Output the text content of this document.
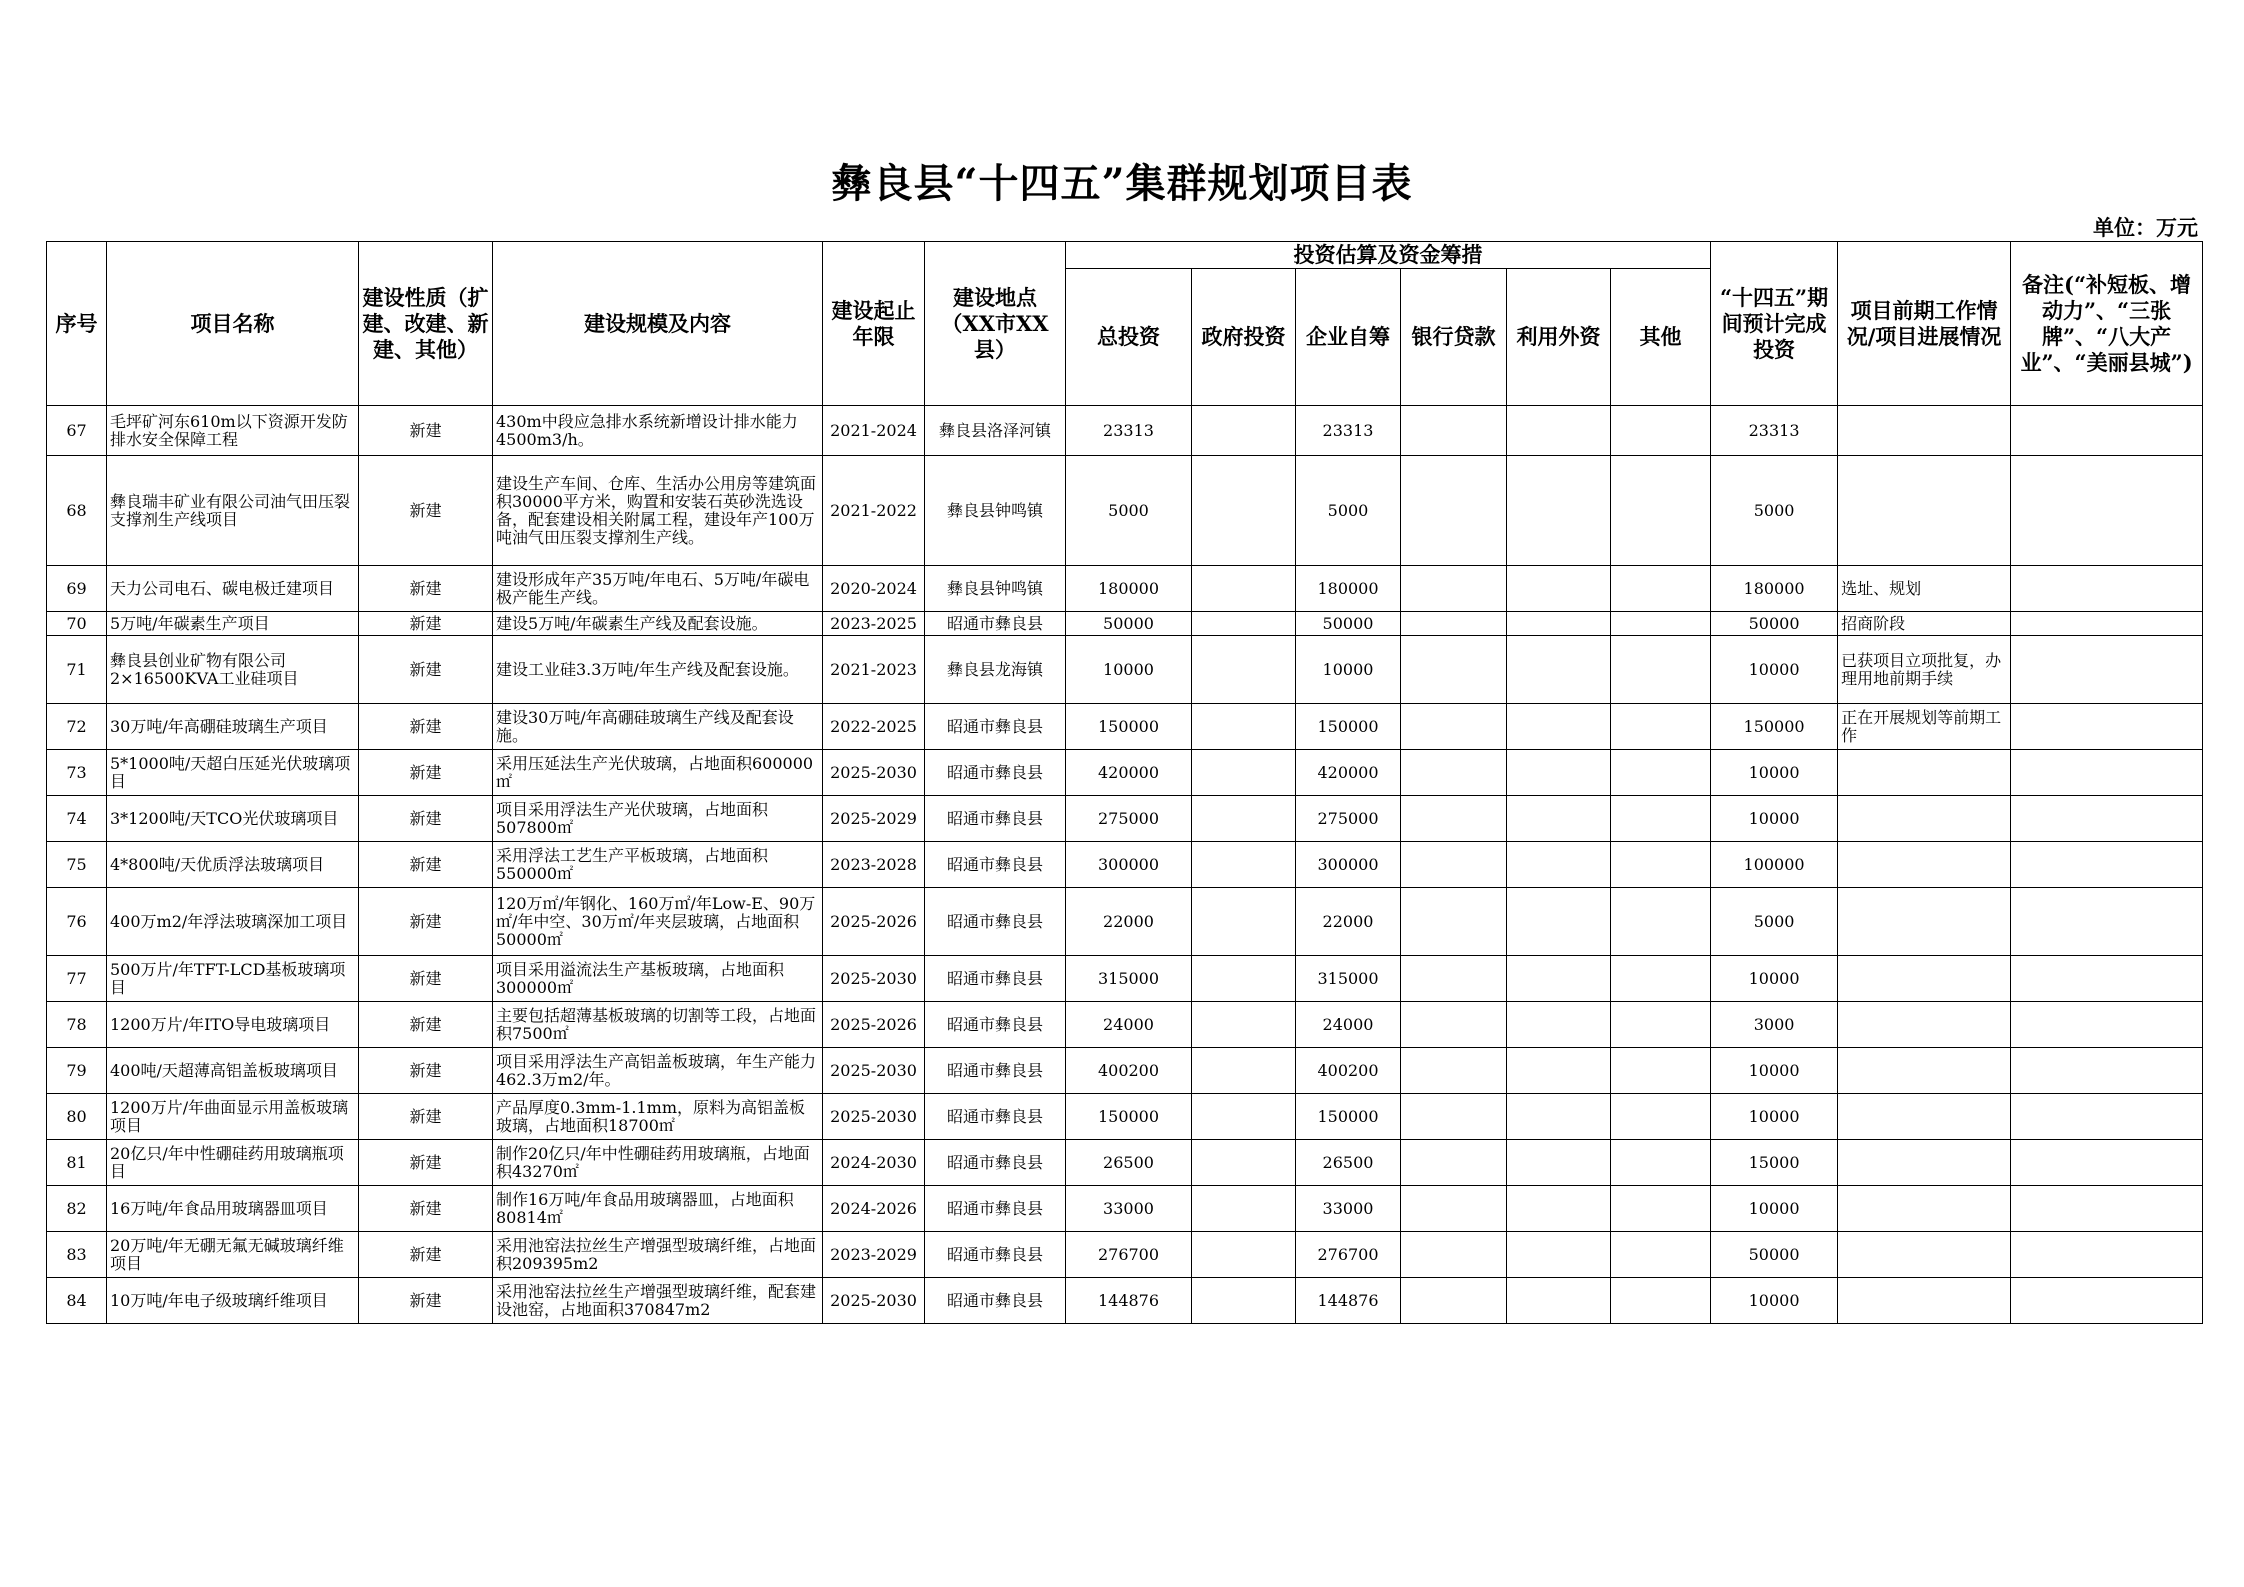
彝良县“十四五”集群规划项目表
单位：万元
序号	项目名称	建设性质（扩建、改建、新建、其他）	建设规模及内容	建设起止年限	建设地点（XX市XX县）	投资估算及资金筹措						“十四五”期间预计完成投资	项目前期工作情况/项目进展情况	备注(“补短板、增动力”、“三张牌”、“八大产业”、“美丽县城”)
						总投资	政府投资	企业自筹	银行贷款	利用外资	其他			
67	毛坪矿河东610m以下资源开发防排水安全保障工程	新建	430m中段应急排水系统新增设计排水能力4500m3/h。	2021-2024	彝良县洛泽河镇	23313		23313				23313		
68	彝良瑞丰矿业有限公司油气田压裂支撑剂生产线项目	新建	建设生产车间、仓库、生活办公用房等建筑面积30000平方米，购置和安装石英砂洗选设备，配套建设相关附属工程，建设年产100万吨油气田压裂支撑剂生产线。	2021-2022	彝良县钟鸣镇	5000		5000				5000		
69	天力公司电石、碳电极迁建项目	新建	建设形成年产35万吨/年电石、5万吨/年碳电极产能生产线。	2020-2024	彝良县钟鸣镇	180000		180000				180000	选址、规划	
70	5万吨/年碳素生产项目	新建	建设5万吨/年碳素生产线及配套设施。	2023-2025	昭通市彝良县	50000		50000				50000	招商阶段	
71	彝良县创业矿物有限公司2×16500KVA工业硅项目	新建	建设工业硅3.3万吨/年生产线及配套设施。	2021-2023	彝良县龙海镇	10000		10000				10000	已获项目立项批复，办理用地前期手续	
72	30万吨/年高硼硅玻璃生产项目	新建	建设30万吨/年高硼硅玻璃生产线及配套设施。	2022-2025	昭通市彝良县	150000		150000				150000	正在开展规划等前期工作	
73	5*1000吨/天超白压延光伏玻璃项目	新建	采用压延法生产光伏玻璃，占地面积600000㎡	2025-2030	昭通市彝良县	420000		420000				10000		
74	3*1200吨/天TCO光伏玻璃项目	新建	项目采用浮法生产光伏玻璃，占地面积507800㎡	2025-2029	昭通市彝良县	275000		275000				10000		
75	4*800吨/天优质浮法玻璃项目	新建	采用浮法工艺生产平板玻璃，占地面积550000㎡	2023-2028	昭通市彝良县	300000		300000				100000		
76	400万m2/年浮法玻璃深加工项目	新建	120万㎡/年钢化、160万㎡/年Low-E、90万㎡/年中空、30万㎡/年夹层玻璃，占地面积50000㎡	2025-2026	昭通市彝良县	22000		22000				5000		
77	500万片/年TFT-LCD基板玻璃项目	新建	项目采用溢流法生产基板玻璃，占地面积300000㎡	2025-2030	昭通市彝良县	315000		315000				10000		
78	1200万片/年ITO导电玻璃项目	新建	主要包括超薄基板玻璃的切割等工段，占地面积7500㎡	2025-2026	昭通市彝良县	24000		24000				3000		
79	400吨/天超薄高铝盖板玻璃项目	新建	项目采用浮法生产高铝盖板玻璃，年生产能力462.3万m2/年。	2025-2030	昭通市彝良县	400200		400200				10000		
80	1200万片/年曲面显示用盖板玻璃项目	新建	产品厚度0.3mm-1.1mm，原料为高铝盖板玻璃，占地面积18700㎡	2025-2030	昭通市彝良县	150000		150000				10000		
81	20亿只/年中性硼硅药用玻璃瓶项目	新建	制作20亿只/年中性硼硅药用玻璃瓶，占地面积43270㎡	2024-2030	昭通市彝良县	26500		26500				15000		
82	16万吨/年食品用玻璃器皿项目	新建	制作16万吨/年食品用玻璃器皿，占地面积80814㎡	2024-2026	昭通市彝良县	33000		33000				10000		
83	20万吨/年无硼无氟无碱玻璃纤维项目	新建	采用池窑法拉丝生产增强型玻璃纤维，占地面积209395m2	2023-2029	昭通市彝良县	276700		276700				50000		
84	10万吨/年电子级玻璃纤维项目	新建	采用池窑法拉丝生产增强型玻璃纤维，配套建设池窑，占地面积370847m2	2025-2030	昭通市彝良县	144876		144876				10000		
